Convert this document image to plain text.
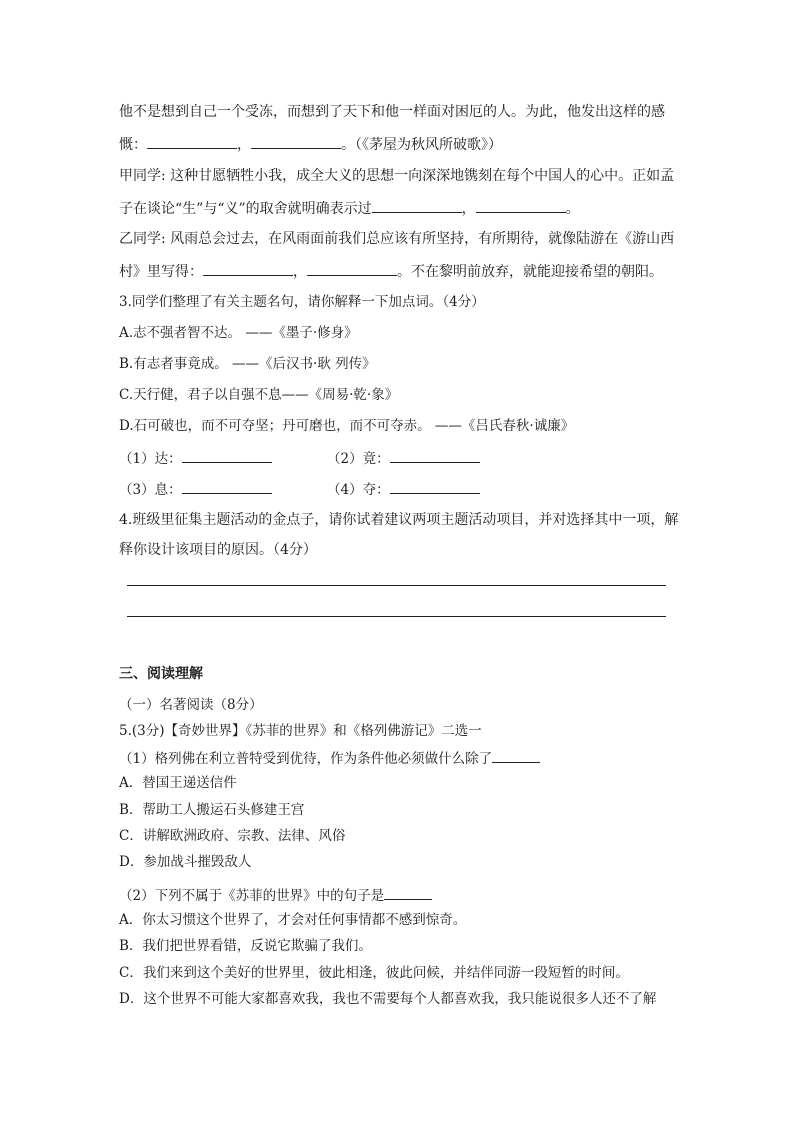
他不是想到自己一个受冻，而想到了天下和他一样面对困厄的人。为此，他发出这样的感
慨：	，	。（《茅屋为秋风所破歌》）
甲同学: 这种甘愿牺牲小我，成全大义的思想一向深深地镌刻在每个中国人的心中。正如孟
子在谈论“生”与“义”的取舍就明确表示过	，	。
乙同学: 风雨总会过去，在风雨面前我们总应该有所坚持，有所期待，就像陆游在《游山西
村》里写得：	，	。不在黎明前放弃，就能迎接希望的朝阳。
3.同学们整理了有关主题名句，请你解释一下加点词。（4分）
A.志不强者智不达。 ——《墨子·修身》
B.有志者事竟成。 ——《后汉书·耿 列传》
C.天行健，君子以自强不息——《周易·乾·象》
D.石可破也，而不可夺坚；丹可磨也，而不可夺赤。 ——《吕氏春秋·诚廉》
（1）达：	（2）竟：
（3）息：	（4）夺：
4.班级里征集主题活动的金点子，请你试着建议两项主题活动项目，并对选择其中一项，解
释你设计该项目的原因。（4分）
三、阅读理解
（一）名著阅读（8分）
5.(3分)【奇妙世界】《苏菲的世界》和《格列佛游记》二选一
（1）格列佛在利立普特受到优待，作为条件他必须做什么除了
A．替国王递送信件
B．帮助工人搬运石头修建王宫
C．讲解欧洲政府、宗教、法律、风俗
D．参加战斗摧毁敌人
（2）下列不属于《苏菲的世界》中的句子是
A．你太习惯这个世界了，才会对任何事情都不感到惊奇。
B．我们把世界看错，反说它欺骗了我们。
C．我们来到这个美好的世界里，彼此相逢，彼此问候，并结伴同游一段短暂的时间。
D．这个世界不可能大家都喜欢我，我也不需要每个人都喜欢我，我只能说很多人还不了解
